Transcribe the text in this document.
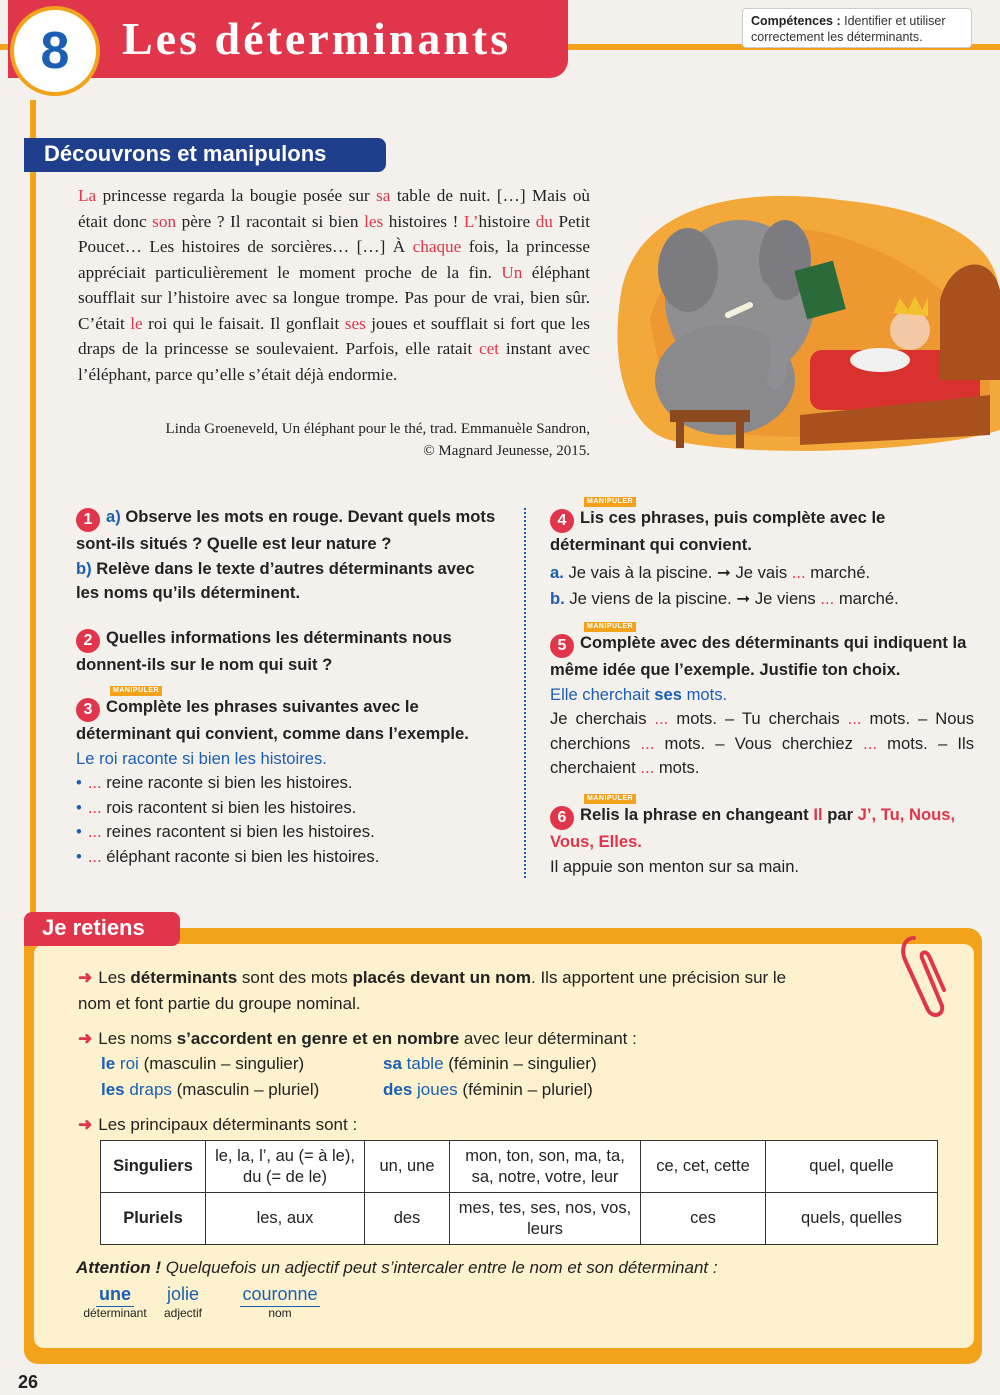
8	Les déterminants	Compétences : Identifier et utiliser correctement les déterminants.
Découvrons et manipulons
La princesse regarda la bougie posée sur sa table de nuit. […] Mais où était donc son père ? Il racontait si bien les histoires ! L’histoire du Petit Poucet… Les histoires de sorcières… […] À chaque fois, la princesse appréciait particulièrement le moment proche de la fin. Un éléphant soufflait sur l’histoire avec sa longue trompe. Pas pour de vrai, bien sûr. C’était le roi qui le faisait. Il gonflait ses joues et soufflait si fort que les draps de la princesse se soulevaient. Parfois, elle ratait cet instant avec l’éléphant, parce qu’elle s’était déjà endormie.
Linda Groeneveld, Un éléphant pour le thé, trad. Emmanuèle Sandron,
© Magnard Jeunesse, 2015.
1 a) Observe les mots en rouge. Devant quels mots sont-ils situés ? Quelle est leur nature ?
b) Relève dans le texte d’autres déterminants avec les noms qu’ils déterminent.
2 Quelles informations les déterminants nous donnent-ils sur le nom qui suit ?
MANIPULER
3 Complète les phrases suivantes avec le déterminant qui convient, comme dans l’exemple.
Le roi raconte si bien les histoires.
• ... reine raconte si bien les histoires.
• ... rois racontent si bien les histoires.
• ... reines racontent si bien les histoires.
• ... éléphant raconte si bien les histoires.
MANIPULER
4 Lis ces phrases, puis complète avec le déterminant qui convient.
a. Je vais à la piscine. ➞ Je vais ... marché.
b. Je viens de la piscine. ➞ Je viens ... marché.
MANIPULER
5 Complète avec des déterminants qui indiquent la même idée que l’exemple. Justifie ton choix.
Elle cherchait ses mots.
Je cherchais ... mots. – Tu cherchais ... mots. – Nous cherchions ... mots. – Vous cherchiez ... mots. – Ils cherchaient ... mots.
MANIPULER
6 Relis la phrase en changeant Il par J’, Tu, Nous, Vous, Elles.
Il appuie son menton sur sa main.
Je retiens
➜ Les déterminants sont des mots placés devant un nom. Ils apportent une précision sur le nom et font partie du groupe nominal.
➜ Les noms s’accordent en genre et en nombre avec leur déterminant :
le roi (masculin – singulier)	sa table (féminin – singulier)
les draps (masculin – pluriel)	des joues (féminin – pluriel)
➜ Les principaux déterminants sont :
Singuliers	le, la, l’, au (= à le), du (= de le)	un, une	mon, ton, son, ma, ta, sa, notre, votre, leur	ce, cet, cette	quel, quelle
Pluriels	les, aux	des	mes, tes, ses, nos, vos, leurs	ces	quels, quelles
Attention ! Quelquefois un adjectif peut s’intercaler entre le nom et son déterminant :
une
déterminant
jolie
adjectif
couronne
nom
26
